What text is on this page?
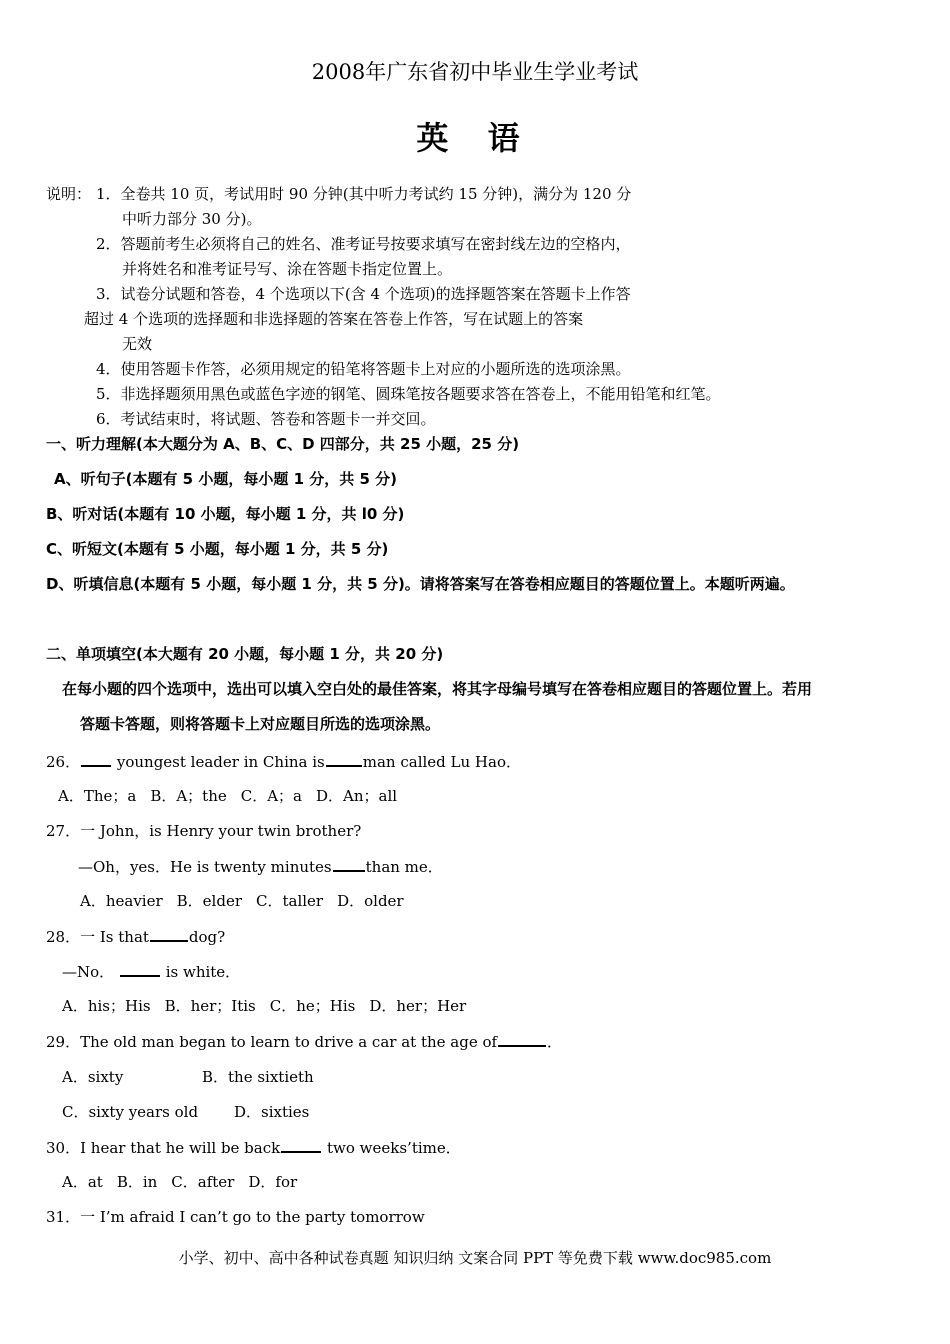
2008年广东省初中毕业生学业考试
英 语
说明： 1．全卷共 10 页，考试用时 90 分钟(其中听力考试约 15 分钟)，满分为 120 分
中听力部分 30 分)。
2．答题前考生必须将自己的姓名、准考证号按要求填写在密封线左边的空格内，
并将姓名和准考证号写、涂在答题卡指定位置上。
3．试卷分试题和答卷，4 个选项以下(含 4 个选项)的选择题答案在答题卡上作答
超过 4 个选项的选择题和非选择题的答案在答卷上作答，写在试题上的答案
无效
4．使用答题卡作答，必须用规定的铅笔将答题卡上对应的小题所选的选项涂黑。
5．非选择题须用黑色或蓝色字迹的钢笔、圆珠笔按各题要求答在答卷上，不能用铅笔和红笔。
6．考试结束时，将试题、答卷和答题卡一并交回。
一、听力理解(本大题分为 A、B、C、D 四部分，共 25 小题，25 分)
A、听句子(本题有 5 小题，每小题 1 分，共 5 分)
B、听对话(本题有 10 小题，每小题 1 分，共 l0 分)
C、听短文(本题有 5 小题，每小题 1 分，共 5 分)
D、听填信息(本题有 5 小题，每小题 1 分，共 5 分)。请将答案写在答卷相应题目的答题位置上。本题听两遍。
二、单项填空(本大题有 20 小题，每小题 1 分，共 20 分)
在每小题的四个选项中，选出可以填入空白处的最佳答案，将其字母编号填写在答卷相应题目的答题位置上。若用
答题卡答题，则将答题卡上对应题目所选的选项涂黑。
26． youngest leader in China is	man called Lu Hao．
A．The；a B．A；the C．A；a D．An；all
27．一 John，is Henry your twin brother?
—Oh，yes．He is twenty minutes than me．
A．heavier B．elder C．taller D．older
28．一 Is that	dog?
—No．	is white．
A．his；His B．her；Itis C．he；His D．her；Her
29．The old man began to learn to drive a car at the age of	．
A．sixty	B．the sixtieth
C．sixty years old D．sixties
30．I hear that he will be back	two weeks’time．
A．at B．in C．after D．for
31．一 I’m afraid I can’t go to the party tomorrow
小学、初中、高中各种试卷真题 知识归纳 文案合同 PPT 等免费下载 www.doc985.com
